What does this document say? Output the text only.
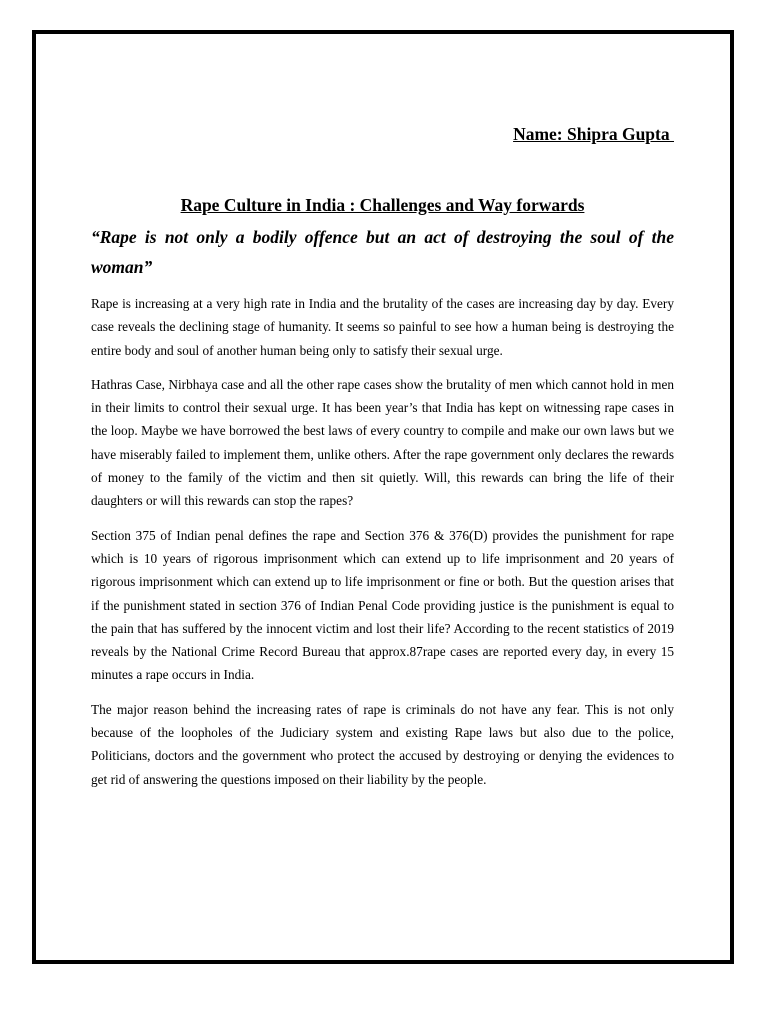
Name: Shipra Gupta
Rape Culture in India : Challenges and Way forwards
“Rape is not only a bodily offence but an act of destroying the soul of the woman”

Rape is increasing at a very high rate in India and the brutality of the cases are increasing day by day. Every case reveals the declining stage of humanity. It seems so painful to see how a human being is destroying the entire body and soul of another human being only to satisfy their sexual urge.

Hathras Case, Nirbhaya case and all the other rape cases show the brutality of men which cannot hold in men in their limits to control their sexual urge. It has been year’s that India has kept on witnessing rape cases in the loop. Maybe we have borrowed the best laws of every country to compile and make our own laws but we have miserably failed to implement them, unlike others. After the rape government only declares the rewards of money to the family of the victim and then sit quietly. Will, this rewards can bring the life of their daughters or will this rewards can stop the rapes?

Section 375 of Indian penal defines the rape and Section 376 & 376(D) provides the punishment for rape which is 10 years of rigorous imprisonment which can extend up to life imprisonment and 20 years of rigorous imprisonment which can extend up to life imprisonment or fine or both. But the question arises that if the punishment stated in section 376 of Indian Penal Code providing justice is the punishment is equal to the pain that has suffered by the innocent victim and lost their life? According to the recent statistics of 2019 reveals by the National Crime Record Bureau that approx.87rape cases are reported every day, in every 15 minutes a rape occurs in India.

The major reason behind the increasing rates of rape is criminals do not have any fear. This is not only because of the loopholes of the Judiciary system and existing Rape laws but also due to the police, Politicians, doctors and the government who protect the accused by destroying or denying the evidences to get rid of answering the questions imposed on their liability by the people.
